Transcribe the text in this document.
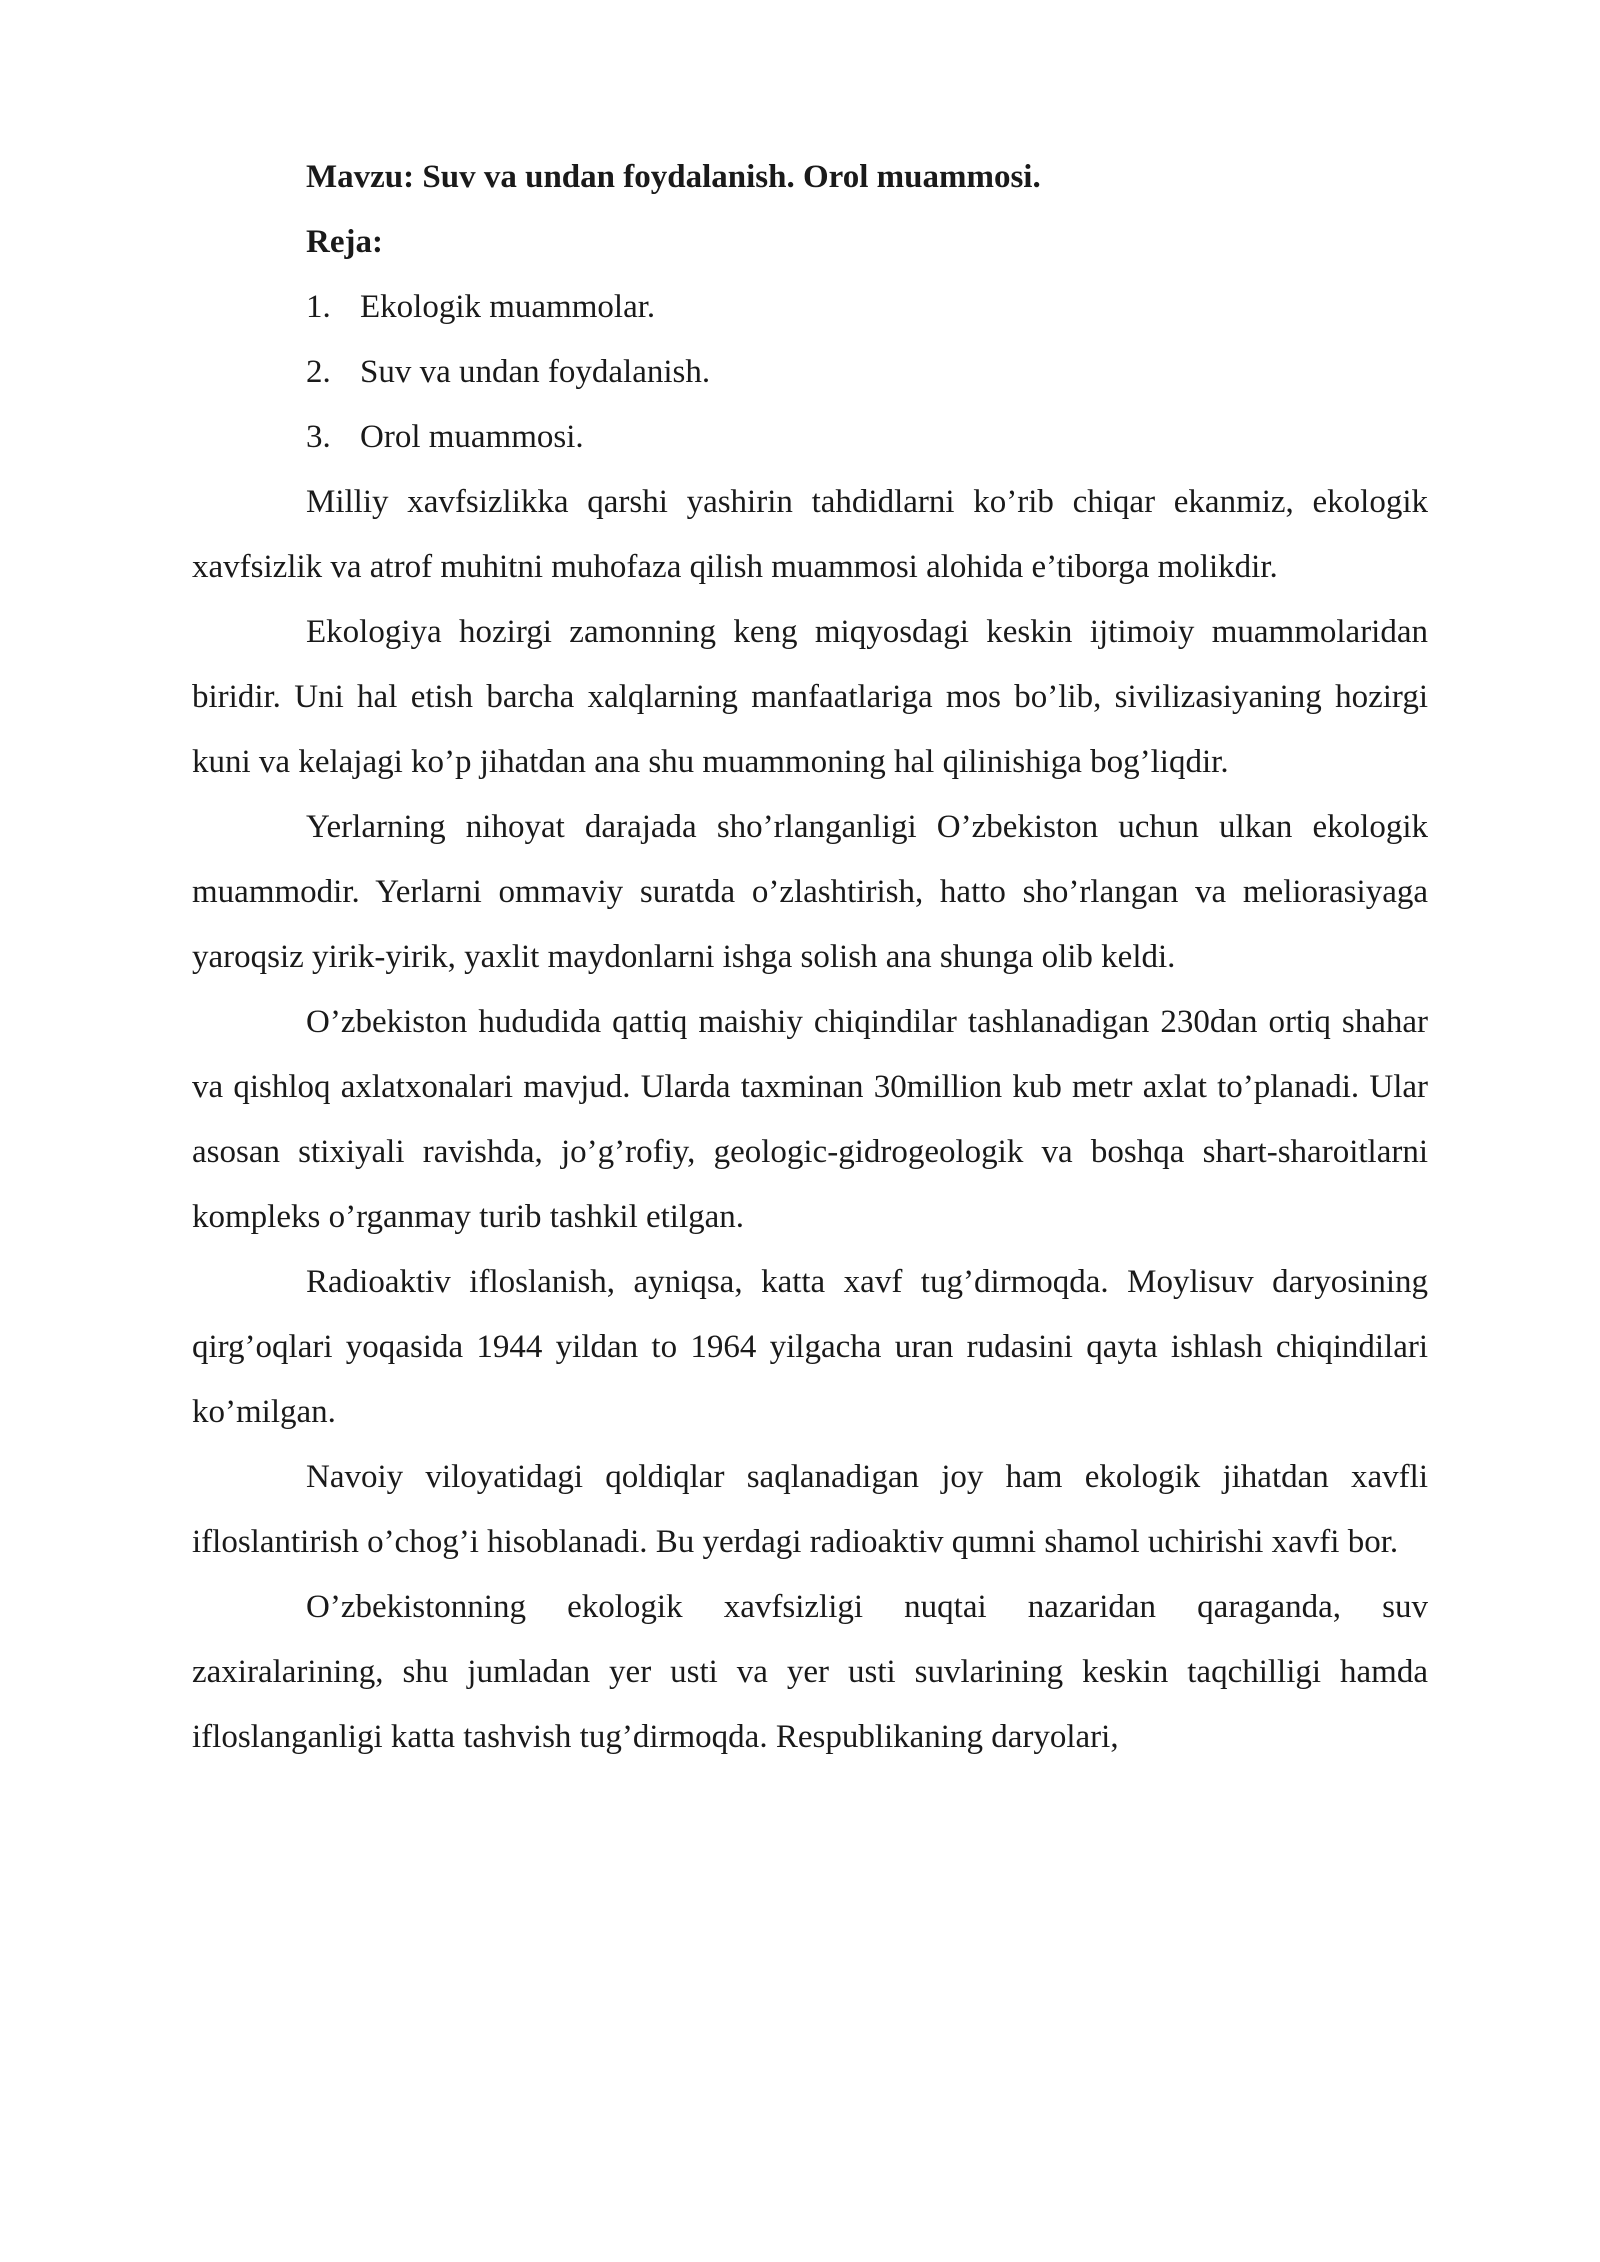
Mavzu: Suv va undan foydalanish. Orol muammosi.

Reja:

1. Ekologik muammolar.
2. Suv va undan foydalanish.
3. Orol muammosi.

Milliy xavfsizlikka qarshi yashirin tahdidlarni ko’rib chiqar ekanmiz, ekologik xavfsizlik va atrof muhitni muhofaza qilish muammosi alohida e’tiborga molikdir.

Ekologiya hozirgi zamonning keng miqyosdagi keskin ijtimoiy muammolaridan biridir. Uni hal etish barcha xalqlarning manfaatlariga mos bo’lib, sivilizasiyaning hozirgi kuni va kelajagi ko’p jihatdan ana shu muammoning hal qilinishiga bog’liqdir.

Yerlarning nihoyat darajada sho’rlanganligi O’zbekiston uchun ulkan ekologik muammodir. Yerlarni ommaviy suratda o’zlashtirish, hatto sho’rlangan va meliorasiyaga yaroqsiz yirik-yirik, yaxlit maydonlarni ishga solish ana shunga olib keldi.

O’zbekiston hududida qattiq maishiy chiqindilar tashlanadigan 230dan ortiq shahar va qishloq axlatxonalari mavjud. Ularda taxminan 30million kub metr axlat to’planadi. Ular asosan stixiyali ravishda, jo’g’rofiy, geologic-gidrogeologik va boshqa shart-sharoitlarni kompleks o’rganmay turib tashkil etilgan.

Radioaktiv ifloslanish, ayniqsa, katta xavf tug’dirmoqda. Moylisuv daryosining qirg’oqlari yoqasida 1944 yildan to 1964 yilgacha uran rudasini qayta ishlash chiqindilari ko’milgan.

Navoiy viloyatidagi qoldiqlar saqlanadigan joy ham ekologik jihatdan xavfli ifloslantirish o’chog’i hisoblanadi. Bu yerdagi radioaktiv qumni shamol uchirishi xavfi bor.

O’zbekistonning ekologik xavfsizligi nuqtai nazaridan qaraganda, suv zaxiralarining, shu jumladan yer usti va yer usti suvlarining keskin taqchilligi hamda ifloslanganligi katta tashvish tug’dirmoqda. Respublikaning daryolari,
